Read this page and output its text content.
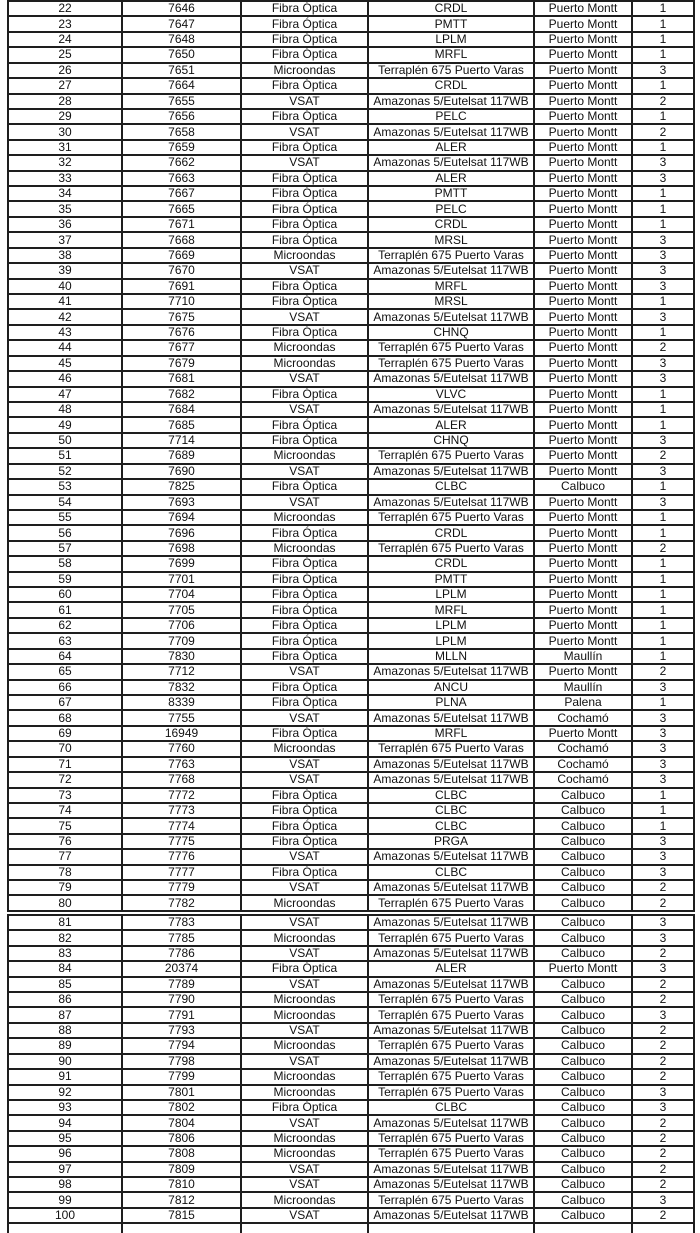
22	7646	Fibra Óptica	CRDL	Puerto Montt	1
23	7647	Fibra Óptica	PMTT	Puerto Montt	1
24	7648	Fibra Óptica	LPLM	Puerto Montt	1
25	7650	Fibra Óptica	MRFL	Puerto Montt	1
26	7651	Microondas	Terraplén 675 Puerto Varas	Puerto Montt	3
27	7664	Fibra Óptica	CRDL	Puerto Montt	1
28	7655	VSAT	Amazonas 5/Eutelsat 117WB	Puerto Montt	2
29	7656	Fibra Óptica	PELC	Puerto Montt	1
30	7658	VSAT	Amazonas 5/Eutelsat 117WB	Puerto Montt	2
31	7659	Fibra Óptica	ALER	Puerto Montt	1
32	7662	VSAT	Amazonas 5/Eutelsat 117WB	Puerto Montt	3
33	7663	Fibra Óptica	ALER	Puerto Montt	3
34	7667	Fibra Óptica	PMTT	Puerto Montt	1
35	7665	Fibra Óptica	PELC	Puerto Montt	1
36	7671	Fibra Óptica	CRDL	Puerto Montt	1
37	7668	Fibra Óptica	MRSL	Puerto Montt	3
38	7669	Microondas	Terraplén 675 Puerto Varas	Puerto Montt	3
39	7670	VSAT	Amazonas 5/Eutelsat 117WB	Puerto Montt	3
40	7691	Fibra Óptica	MRFL	Puerto Montt	3
41	7710	Fibra Óptica	MRSL	Puerto Montt	1
42	7675	VSAT	Amazonas 5/Eutelsat 117WB	Puerto Montt	3
43	7676	Fibra Óptica	CHNQ	Puerto Montt	1
44	7677	Microondas	Terraplén 675 Puerto Varas	Puerto Montt	2
45	7679	Microondas	Terraplén 675 Puerto Varas	Puerto Montt	3
46	7681	VSAT	Amazonas 5/Eutelsat 117WB	Puerto Montt	3
47	7682	Fibra Óptica	VLVC	Puerto Montt	1
48	7684	VSAT	Amazonas 5/Eutelsat 117WB	Puerto Montt	1
49	7685	Fibra Óptica	ALER	Puerto Montt	1
50	7714	Fibra Óptica	CHNQ	Puerto Montt	3
51	7689	Microondas	Terraplén 675 Puerto Varas	Puerto Montt	2
52	7690	VSAT	Amazonas 5/Eutelsat 117WB	Puerto Montt	3
53	7825	Fibra Óptica	CLBC	Calbuco	1
54	7693	VSAT	Amazonas 5/Eutelsat 117WB	Puerto Montt	3
55	7694	Microondas	Terraplén 675 Puerto Varas	Puerto Montt	1
56	7696	Fibra Óptica	CRDL	Puerto Montt	1
57	7698	Microondas	Terraplén 675 Puerto Varas	Puerto Montt	2
58	7699	Fibra Óptica	CRDL	Puerto Montt	1
59	7701	Fibra Óptica	PMTT	Puerto Montt	1
60	7704	Fibra Óptica	LPLM	Puerto Montt	1
61	7705	Fibra Óptica	MRFL	Puerto Montt	1
62	7706	Fibra Óptica	LPLM	Puerto Montt	1
63	7709	Fibra Óptica	LPLM	Puerto Montt	1
64	7830	Fibra Óptica	MLLN	Maullín	1
65	7712	VSAT	Amazonas 5/Eutelsat 117WB	Puerto Montt	2
66	7832	Fibra Óptica	ANCU	Maullín	3
67	8339	Fibra Óptica	PLNA	Palena	1
68	7755	VSAT	Amazonas 5/Eutelsat 117WB	Cochamó	3
69	16949	Fibra Óptica	MRFL	Puerto Montt	3
70	7760	Microondas	Terraplén 675 Puerto Varas	Cochamó	3
71	7763	VSAT	Amazonas 5/Eutelsat 117WB	Cochamó	3
72	7768	VSAT	Amazonas 5/Eutelsat 117WB	Cochamó	3
73	7772	Fibra Óptica	CLBC	Calbuco	1
74	7773	Fibra Óptica	CLBC	Calbuco	1
75	7774	Fibra Óptica	CLBC	Calbuco	1
76	7775	Fibra Óptica	PRGA	Calbuco	3
77	7776	VSAT	Amazonas 5/Eutelsat 117WB	Calbuco	3
78	7777	Fibra Óptica	CLBC	Calbuco	3
79	7779	VSAT	Amazonas 5/Eutelsat 117WB	Calbuco	2
80	7782	Microondas	Terraplén 675 Puerto Varas	Calbuco	2
81	7783	VSAT	Amazonas 5/Eutelsat 117WB	Calbuco	3
82	7785	Microondas	Terraplén 675 Puerto Varas	Calbuco	3
83	7786	VSAT	Amazonas 5/Eutelsat 117WB	Calbuco	2
84	20374	Fibra Óptica	ALER	Puerto Montt	3
85	7789	VSAT	Amazonas 5/Eutelsat 117WB	Calbuco	2
86	7790	Microondas	Terraplén 675 Puerto Varas	Calbuco	2
87	7791	Microondas	Terraplén 675 Puerto Varas	Calbuco	3
88	7793	VSAT	Amazonas 5/Eutelsat 117WB	Calbuco	2
89	7794	Microondas	Terraplén 675 Puerto Varas	Calbuco	2
90	7798	VSAT	Amazonas 5/Eutelsat 117WB	Calbuco	2
91	7799	Microondas	Terraplén 675 Puerto Varas	Calbuco	2
92	7801	Microondas	Terraplén 675 Puerto Varas	Calbuco	3
93	7802	Fibra Óptica	CLBC	Calbuco	3
94	7804	VSAT	Amazonas 5/Eutelsat 117WB	Calbuco	2
95	7806	Microondas	Terraplén 675 Puerto Varas	Calbuco	2
96	7808	Microondas	Terraplén 675 Puerto Varas	Calbuco	2
97	7809	VSAT	Amazonas 5/Eutelsat 117WB	Calbuco	2
98	7810	VSAT	Amazonas 5/Eutelsat 117WB	Calbuco	2
99	7812	Microondas	Terraplén 675 Puerto Varas	Calbuco	3
100	7815	VSAT	Amazonas 5/Eutelsat 117WB	Calbuco	2
